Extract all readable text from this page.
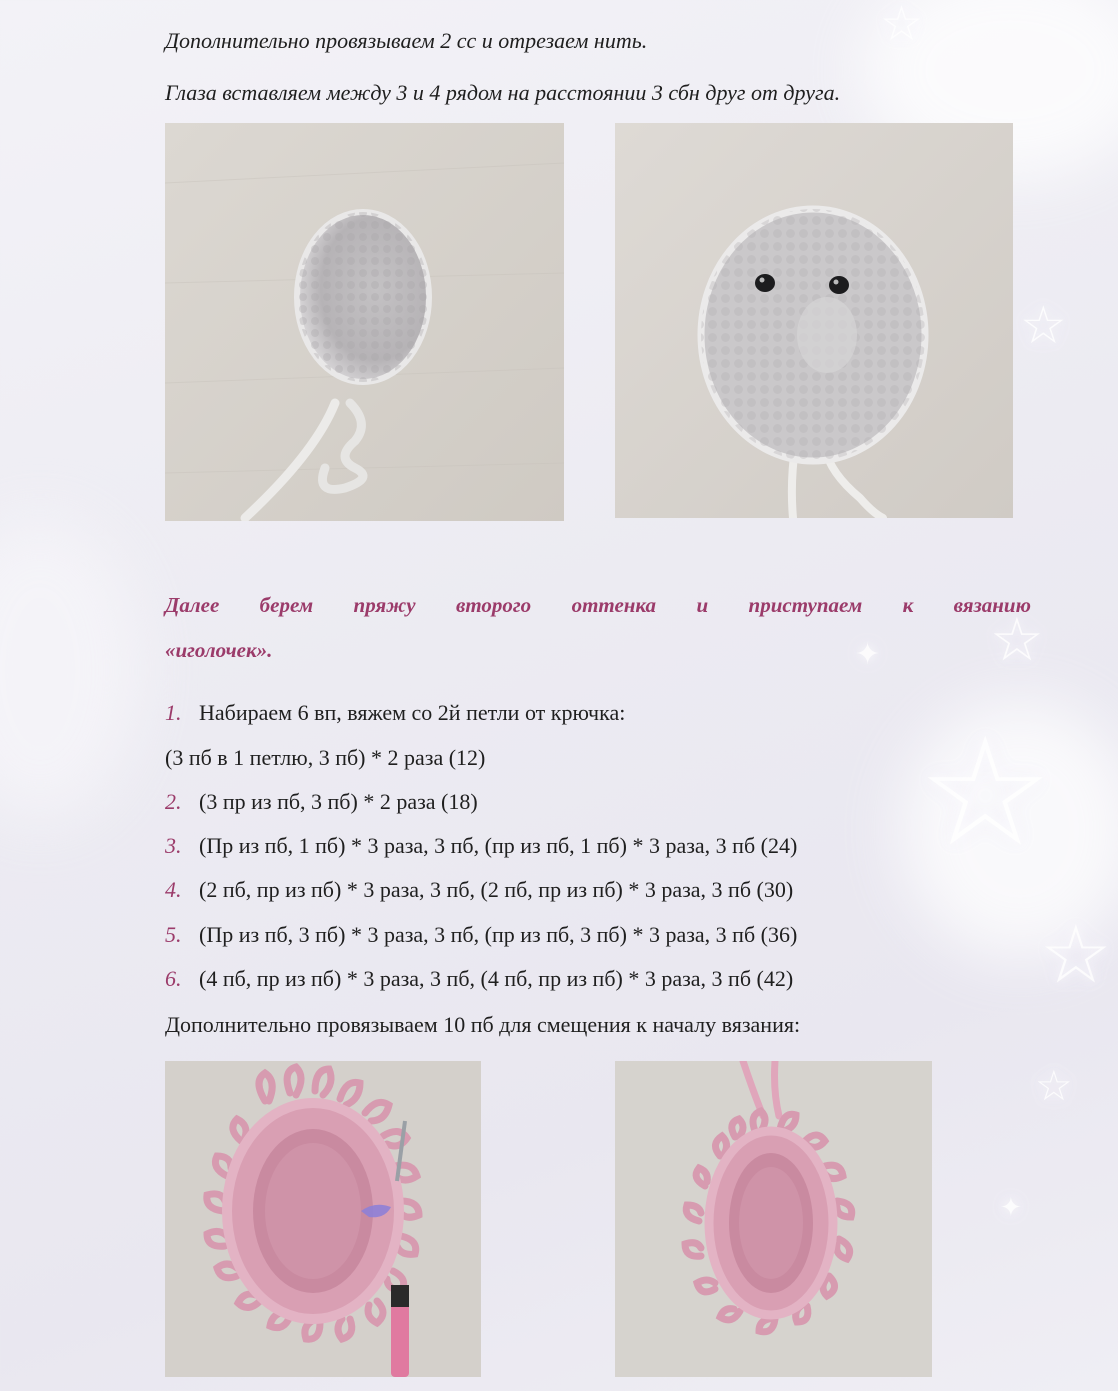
☆
☆
☆
☆
☆
☆
✦
✦
Дополнительно провязываем 2 сс и отрезаем нить.
Глаза вставляем между 3 и 4 рядом на расстоянии 3 сбн друг от друга.
Далее берем пряжу второго оттенка и приступаем к вязанию
«иголочек».
1. Набираем 6 вп, вяжем со 2й петли от крючка:
(3 пб в 1 петлю, 3 пб) * 2 раза (12)
2. (3 пр из пб, 3 пб) * 2 раза (18)
3. (Пр из пб, 1 пб) * 3 раза, 3 пб, (пр из пб, 1 пб) * 3 раза, 3 пб (24)
4. (2 пб, пр из пб) * 3 раза, 3 пб, (2 пб, пр из пб) * 3 раза, 3 пб (30)
5. (Пр из пб, 3 пб) * 3 раза, 3 пб, (пр из пб, 3 пб) * 3 раза, 3 пб (36)
6. (4 пб, пр из пб) * 3 раза, 3 пб, (4 пб, пр из пб) * 3 раза, 3 пб (42)
Дополнительно провязываем 10 пб для смещения к началу вязания:
